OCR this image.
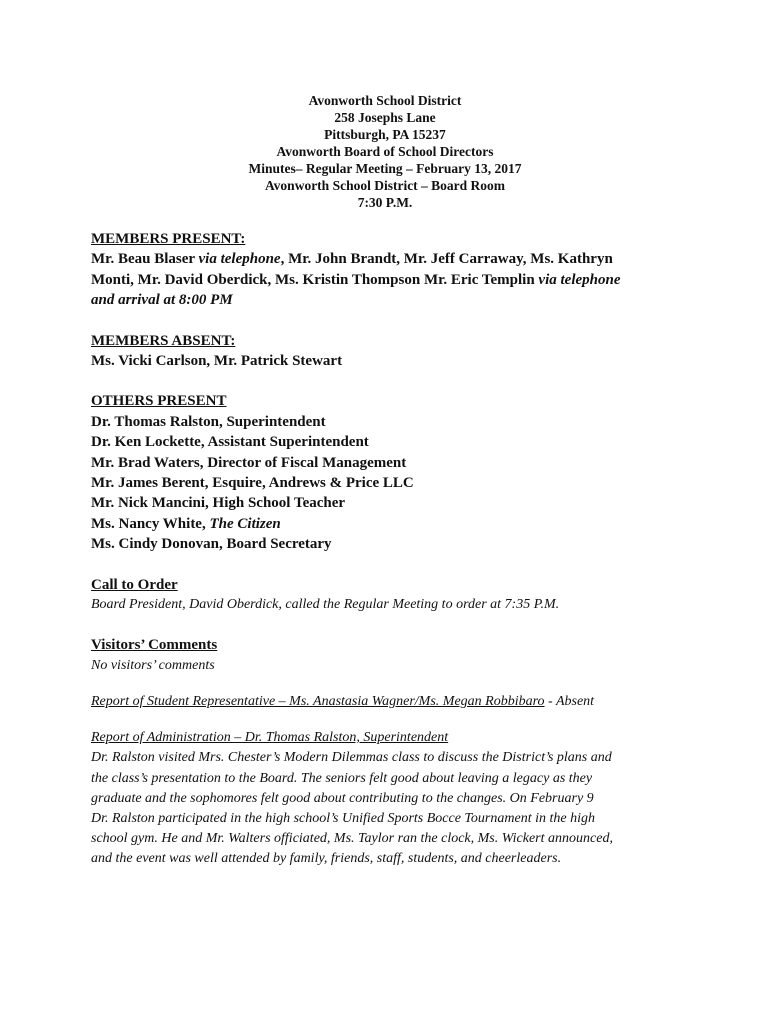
Avonworth School District
258 Josephs Lane
Pittsburgh, PA 15237
Avonworth Board of School Directors
Minutes– Regular Meeting – February 13, 2017
Avonworth School District – Board Room
7:30 P.M.
MEMBERS PRESENT:
Mr. Beau Blaser via telephone, Mr. John Brandt, Mr. Jeff Carraway, Ms. Kathryn
Monti, Mr. David Oberdick, Ms. Kristin Thompson Mr. Eric Templin via telephone
and arrival at 8:00 PM
MEMBERS ABSENT:
Ms. Vicki Carlson, Mr. Patrick Stewart
OTHERS PRESENT
Dr. Thomas Ralston, Superintendent
Dr. Ken Lockette, Assistant Superintendent
Mr. Brad Waters, Director of Fiscal Management
Mr. James Berent, Esquire, Andrews & Price LLC
Mr. Nick Mancini, High School Teacher
Ms. Nancy White, The Citizen
Ms. Cindy Donovan, Board Secretary
Call to Order
Board President, David Oberdick, called the Regular Meeting to order at 7:35 P.M.
Visitors’ Comments
No visitors’ comments
Report of Student Representative – Ms. Anastasia Wagner/Ms. Megan Robbibaro - Absent
Report of Administration – Dr. Thomas Ralston, Superintendent
Dr. Ralston visited Mrs. Chester’s Modern Dilemmas class to discuss the District’s plans and
the class’s presentation to the Board. The seniors felt good about leaving a legacy as they
graduate and the sophomores felt good about contributing to the changes. On February 9
Dr. Ralston participated in the high school’s Unified Sports Bocce Tournament in the high
school gym. He and Mr. Walters officiated, Ms. Taylor ran the clock, Ms. Wickert announced,
and the event was well attended by family, friends, staff, students, and cheerleaders.
